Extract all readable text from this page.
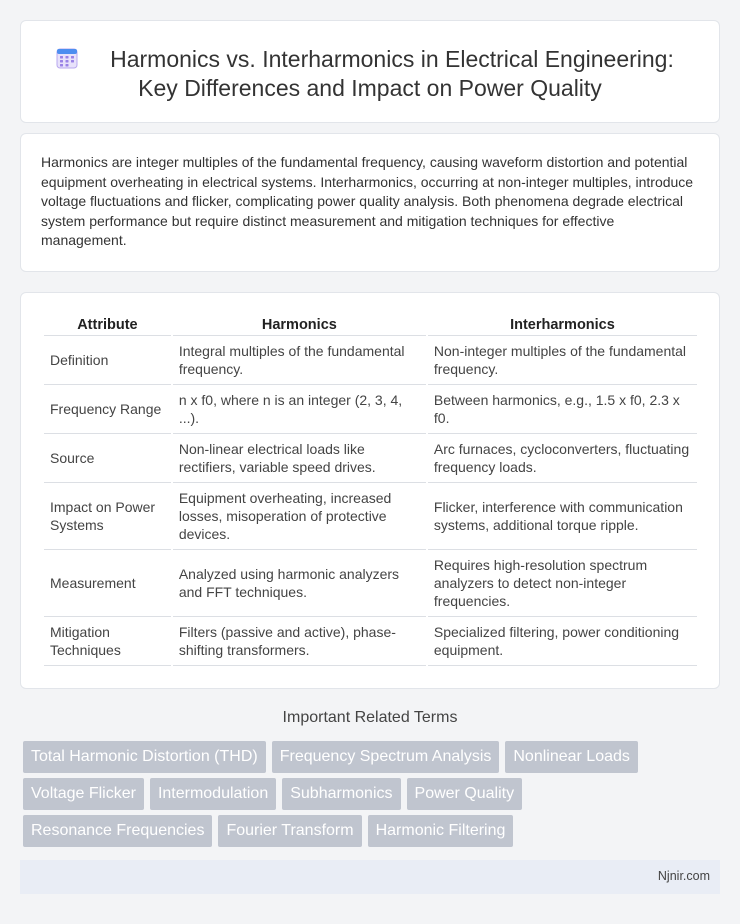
Harmonics vs. Interharmonics in Electrical Engineering:
Key Differences and Impact on Power Quality

Harmonics are integer multiples of the fundamental frequency, causing waveform distortion and potential equipment overheating in electrical systems. Interharmonics, occurring at non-integer multiples, introduce voltage fluctuations and flicker, complicating power quality analysis. Both phenomena degrade electrical system performance but require distinct measurement and mitigation techniques for effective management.

Attribute	Harmonics	Interharmonics
Definition	Integral multiples of the fundamental frequency.	Non-integer multiples of the fundamental frequency.
Frequency Range	n x f0, where n is an integer (2, 3, 4, ...).	Between harmonics, e.g., 1.5 x f0, 2.3 x f0.
Source	Non-linear electrical loads like rectifiers, variable speed drives.	Arc furnaces, cycloconverters, fluctuating frequency loads.
Impact on Power Systems	Equipment overheating, increased losses, misoperation of protective devices.	Flicker, interference with communication systems, additional torque ripple.
Measurement	Analyzed using harmonic analyzers and FFT techniques.	Requires high-resolution spectrum analyzers to detect non-integer frequencies.
Mitigation Techniques	Filters (passive and active), phase-shifting transformers.	Specialized filtering, power conditioning equipment.
Important Related Terms
Total Harmonic Distortion (THD)	Frequency Spectrum Analysis	Nonlinear Loads
Voltage Flicker	Intermodulation	Subharmonics	Power Quality
Resonance Frequencies	Fourier Transform	Harmonic Filtering
Njnir.com
